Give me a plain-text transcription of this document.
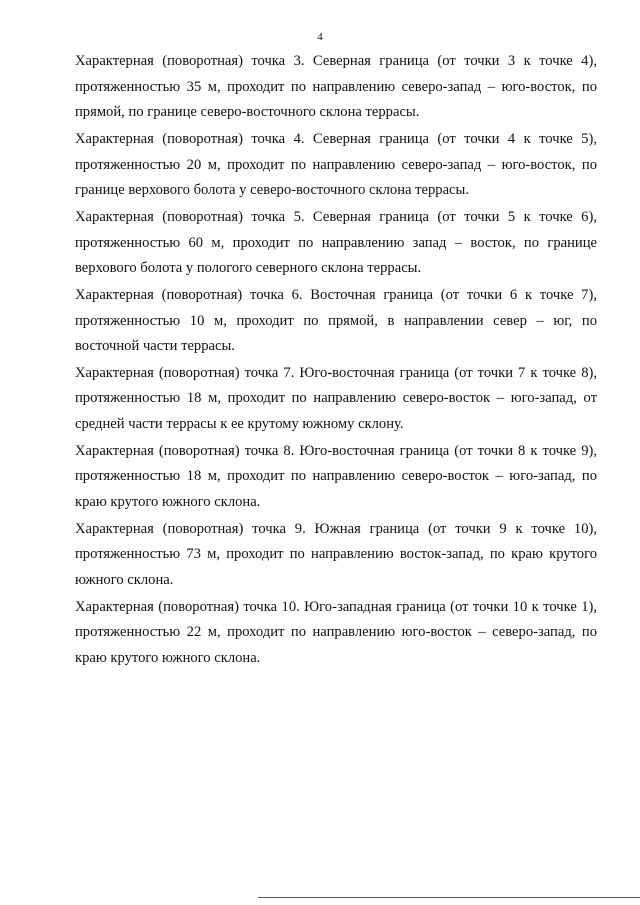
4

Характерная (поворотная) точка 3. Северная граница (от точки 3 к точке 4), протяженностью 35 м, проходит по направлению северо-запад – юго-восток, по прямой, по границе северо-восточного склона террасы.

Характерная (поворотная) точка 4. Северная граница (от точки 4 к точке 5), протяженностью 20 м, проходит по направлению северо-запад – юго-восток, по границе верхового болота у северо-восточного склона террасы.

Характерная (поворотная) точка 5. Северная граница (от точки 5 к точке 6), протяженностью 60 м, проходит по направлению запад – восток, по границе верхового болота у пологого северного склона террасы.

Характерная (поворотная) точка 6. Восточная граница (от точки 6 к точке 7), протяженностью 10 м, проходит по прямой, в направлении север – юг, по восточной части террасы.

Характерная (поворотная) точка 7. Юго-восточная граница (от точки 7 к точке 8), протяженностью 18 м, проходит по направлению северо-восток – юго-запад, от средней части террасы к ее крутому южному склону.

Характерная (поворотная) точка 8. Юго-восточная граница (от точки 8 к точке 9), протяженностью 18 м, проходит по направлению северо-восток – юго-запад, по краю крутого южного склона.

Характерная (поворотная) точка 9. Южная граница (от точки 9 к точке 10), протяженностью 73 м, проходит по направлению восток-запад, по краю крутого южного склона.

Характерная (поворотная) точка 10. Юго-западная граница (от точки 10 к точке 1), протяженностью 22 м, проходит по направлению юго-восток – северо-запад, по краю крутого южного склона.
